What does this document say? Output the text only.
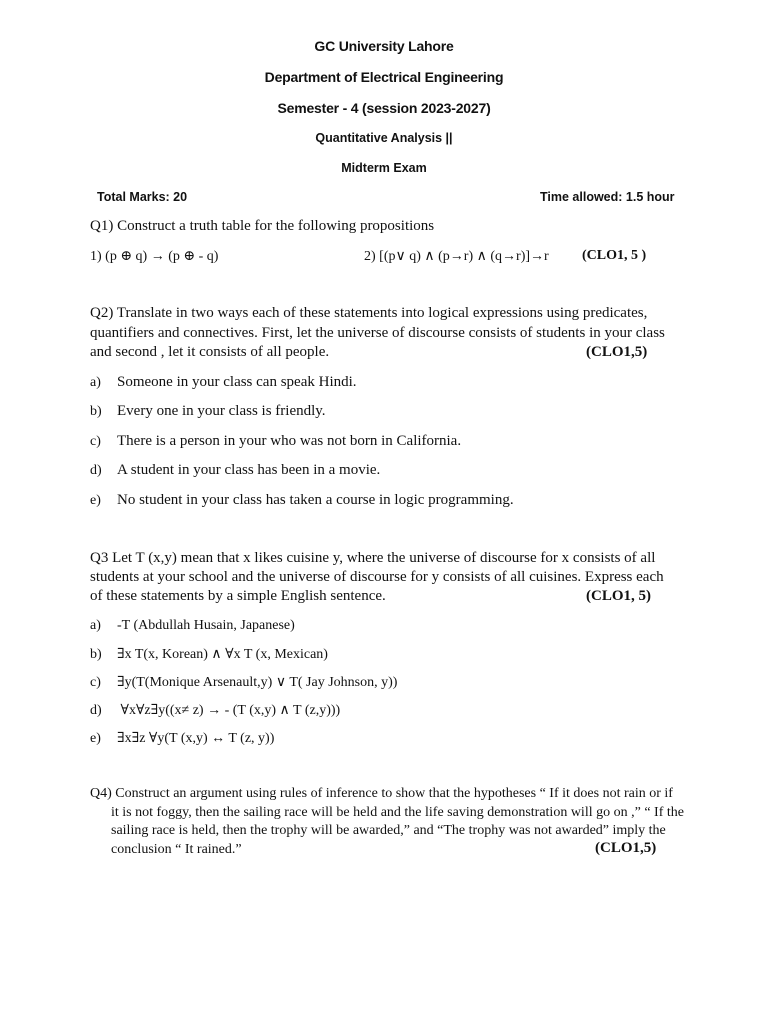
GC University Lahore
Department of Electrical Engineering
Semester - 4 (session 2023-2027)
Quantitative Analysis ||
Midterm Exam
Total Marks: 20	Time allowed: 1.5 hour
Q1) Construct a truth table for the following propositions
1) (p ⊕ q) → (p ⊕ - q)	2) [(p∨ q) ∧ (p→r) ∧ (q→r)]→r (CLO1, 5 )
Q2) Translate in two ways each of these statements into logical expressions using predicates,
quantifiers and connectives. First, let the universe of discourse consists of students in your class
and second , let it consists of all people.	(CLO1,5)
a) Someone in your class can speak Hindi.
b) Every one in your class is friendly.
c) There is a person in your who was not born in California.
d) A student in your class has been in a movie.
e) No student in your class has taken a course in logic programming.
Q3 Let T (x,y) mean that x likes cuisine y, where the universe of discourse for x consists of all
students at your school and the universe of discourse for y consists of all cuisines. Express each
of these statements by a simple English sentence.	(CLO1, 5)
a) -T (Abdullah Husain, Japanese)
b) ∃x T(x, Korean) ∧ ∀x T (x, Mexican)
c) ∃y(T(Monique Arsenault,y) ∨ T( Jay Johnson, y))
d) ∀x∀z∃y((x≠ z) → - (T (x,y) ∧ T (z,y)))
e) ∃x∃z ∀y(T (x,y) ↔ T (z, y))
Q4) Construct an argument using rules of inference to show that the hypotheses “ If it does not rain or if
it is not foggy, then the sailing race will be held and the life saving demonstration will go on ,” “ If the
sailing race is held, then the trophy will be awarded,” and “The trophy was not awarded” imply the
conclusion “ It rained.”	(CLO1,5)
